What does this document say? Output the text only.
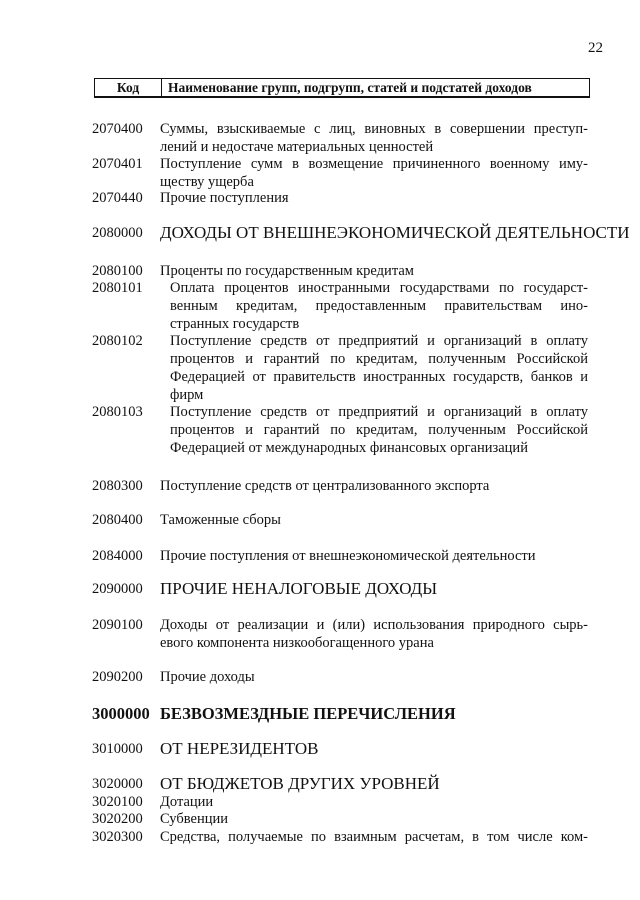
22
Код	Наименование групп, подгрупп, статей и подстатей доходов
2070400	Суммы, взыскиваемые с лиц, виновных в совершении преступ-
лений и недостаче материальных ценностей
2070401	Поступление сумм в возмещение причиненного военному иму-
ществу ущерба
2070440	Прочие поступления
2080000	ДОХОДЫ ОТ ВНЕШНЕЭКОНОМИЧЕСКОЙ ДЕЯТЕЛЬНОСТИ
2080100	Проценты по государственным кредитам
2080101	Оплата процентов иностранными государствами по государст-
венным кредитам, предоставленным правительствам ино-
странных государств
2080102	Поступление средств от предприятий и организаций в оплату
процентов и гарантий по кредитам, полученным Российской
Федерацией от правительств иностранных государств, банков и
фирм
2080103	Поступление средств от предприятий и организаций в оплату
процентов и гарантий по кредитам, полученным Российской
Федерацией от международных финансовых организаций
2080300	Поступление средств от централизованного экспорта
2080400	Таможенные сборы
2084000	Прочие поступления от внешнеэкономической деятельности
2090000	ПРОЧИЕ НЕНАЛОГОВЫЕ ДОХОДЫ
2090100	Доходы от реализации и (или) использования природного сырь-
евого компонента низкообогащенного урана
2090200	Прочие доходы
3000000 БЕЗВОЗМЕЗДНЫЕ ПЕРЕЧИСЛЕНИЯ
3010000	ОТ НЕРЕЗИДЕНТОВ
3020000	ОТ БЮДЖЕТОВ ДРУГИХ УРОВНЕЙ
3020100	Дотации
3020200	Субвенции
3020300	Средства, получаемые по взаимным расчетам, в том числе ком-
